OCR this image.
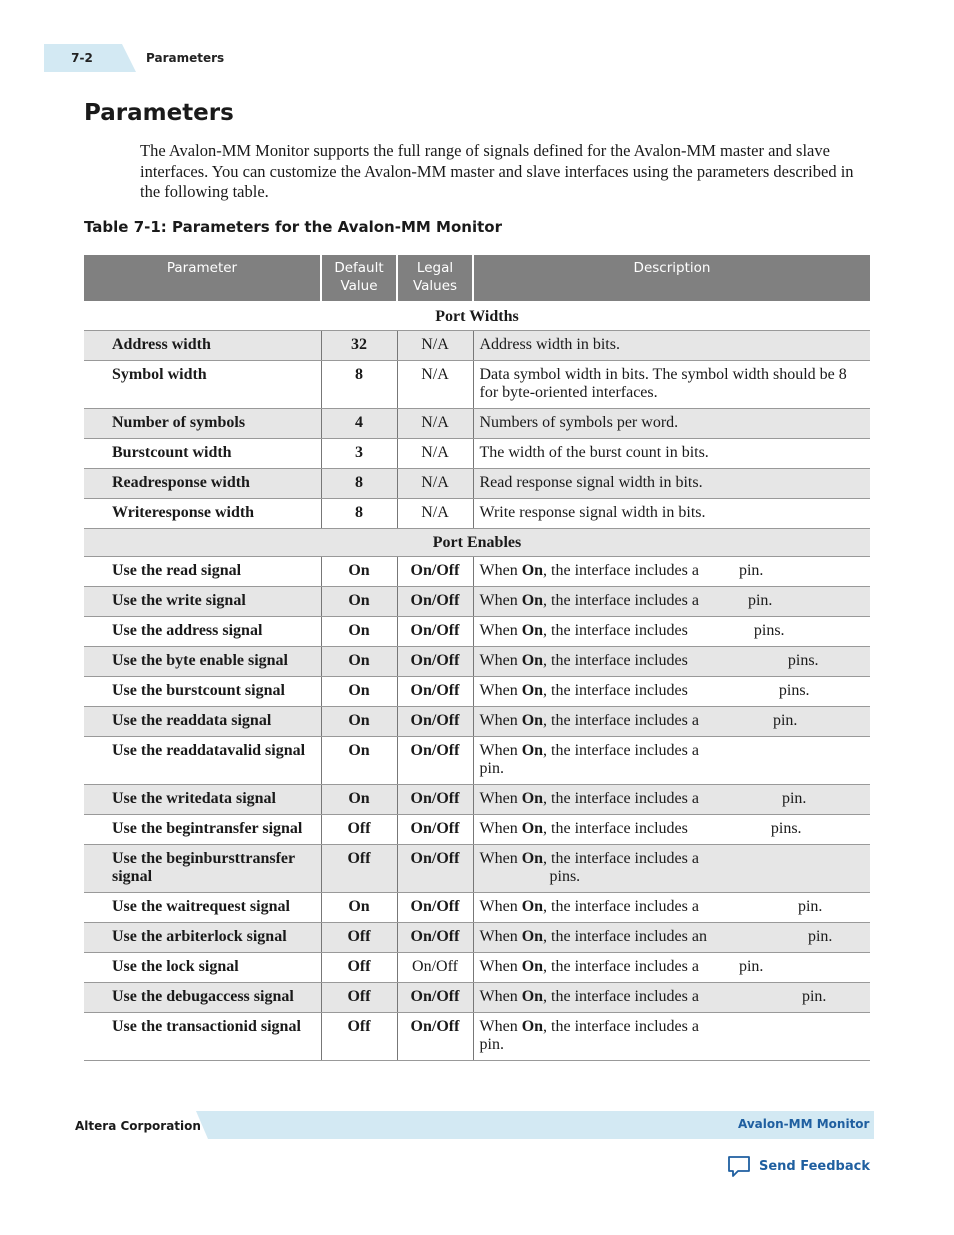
7-2	Parameters
Parameters

The Avalon-MM Monitor supports the full range of signals defined for the Avalon-MM master and slave interfaces. You can customize the Avalon-MM master and slave interfaces using the parameters described in the following table.

Table 7-1: Parameters for the Avalon-MM Monitor
Parameter	Default Value	Legal Values	Description
Port Widths			
Address width	32	N/A	Address width in bits.
Symbol width	8	N/A	Data symbol width in bits. The symbol width should be 8 for byte-oriented interfaces.
Number of symbols	4	N/A	Numbers of symbols per word.
Burstcount width	3	N/A	The width of the burst count in bits.
Readresponse width	8	N/A	Read response signal width in bits.
Writeresponse width	8	N/A	Write response signal width in bits.
Port Enables			
Use the read signal	On	On/Off	When On, the interface includes a pin.
Use the write signal	On	On/Off	When On, the interface includes a pin.
Use the address signal	On	On/Off	When On, the interface includes pins.
Use the byte enable signal	On	On/Off	When On, the interface includes pins.
Use the burstcount signal	On	On/Off	When On, the interface includes pins.
Use the readdata signal	On	On/Off	When On, the interface includes a pin.
Use the readdatavalid signal	On	On/Off	When On, the interface includes a
pin.

Use the writedata signal	On	On/Off	When On, the interface includes a pin.
Use the begintransfer signal	Off	On/Off	When On, the interface includes pins.
Use the beginbursttransfer signal	Off	On/Off	When On, the interface includes a
pins.

Use the waitrequest signal	On	On/Off	When On, the interface includes a pin.
Use the arbiterlock signal	Off	On/Off	When On, the interface includes an pin.
Use the lock signal	Off	On/Off	When On, the interface includes a pin.
Use the debugaccess signal	Off	On/Off	When On, the interface includes a pin.
Use the transactionid signal	Off	On/Off	When On, the interface includes a
pin.
Altera Corporation	Avalon-MM Monitor
Send Feedback
